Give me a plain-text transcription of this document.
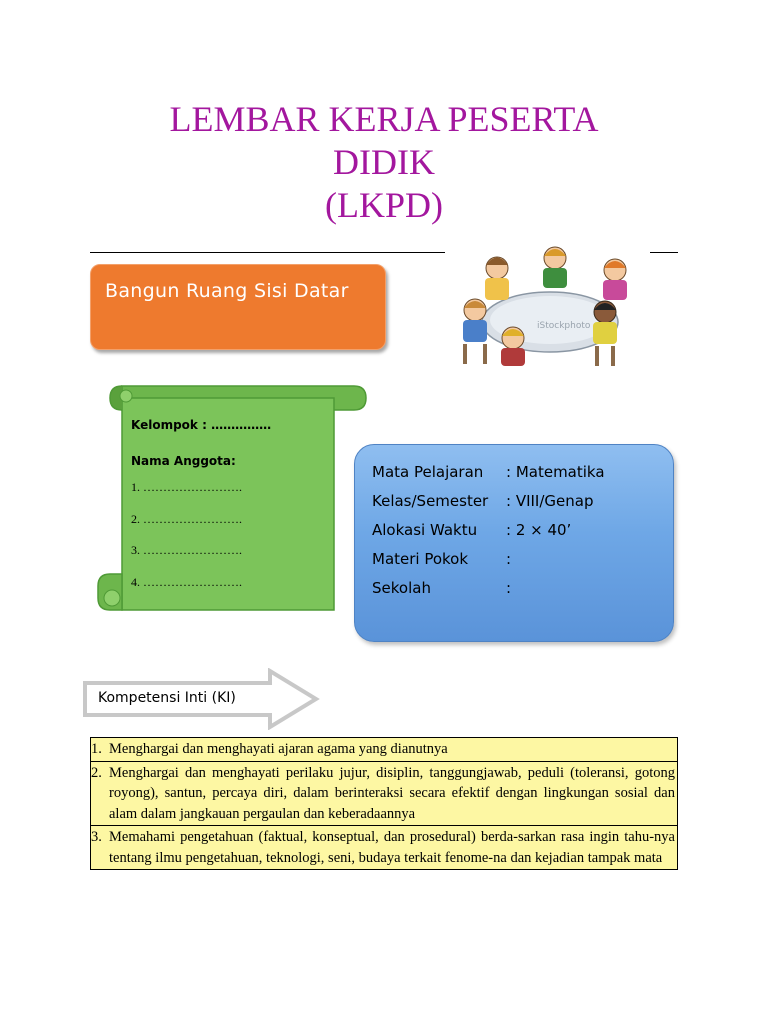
LEMBAR KERJA PESERTA
DIDIK
(LKPD)
Bangun Ruang Sisi Datar
iStockphoto
Kelompok : ……………
Nama Anggota:
1. …………………….
2. …………………….
3. …………………….
4. …………………….
Mata Pelajaran : Matematika
Kelas/Semester : VIII/Genap
Alokasi Waktu : 2 × 40’
Materi Pokok	:
Sekolah	:
Kompetensi Inti (KI)
1. Menghargai dan menghayati ajaran agama yang dianutnya

2. Menghargai dan menghayati perilaku jujur, disiplin, tanggungjawab, peduli (toleransi, gotong royong), santun, percaya diri, dalam berinteraksi secara efektif dengan lingkungan sosial dan alam dalam jangkauan pergaulan dan keberadaannya

3. Memahami pengetahuan (faktual, konseptual, dan prosedural) berda-sarkan rasa ingin tahu-nya tentang ilmu pengetahuan, teknologi, seni, budaya terkait fenome-na dan kejadian tampak mata
